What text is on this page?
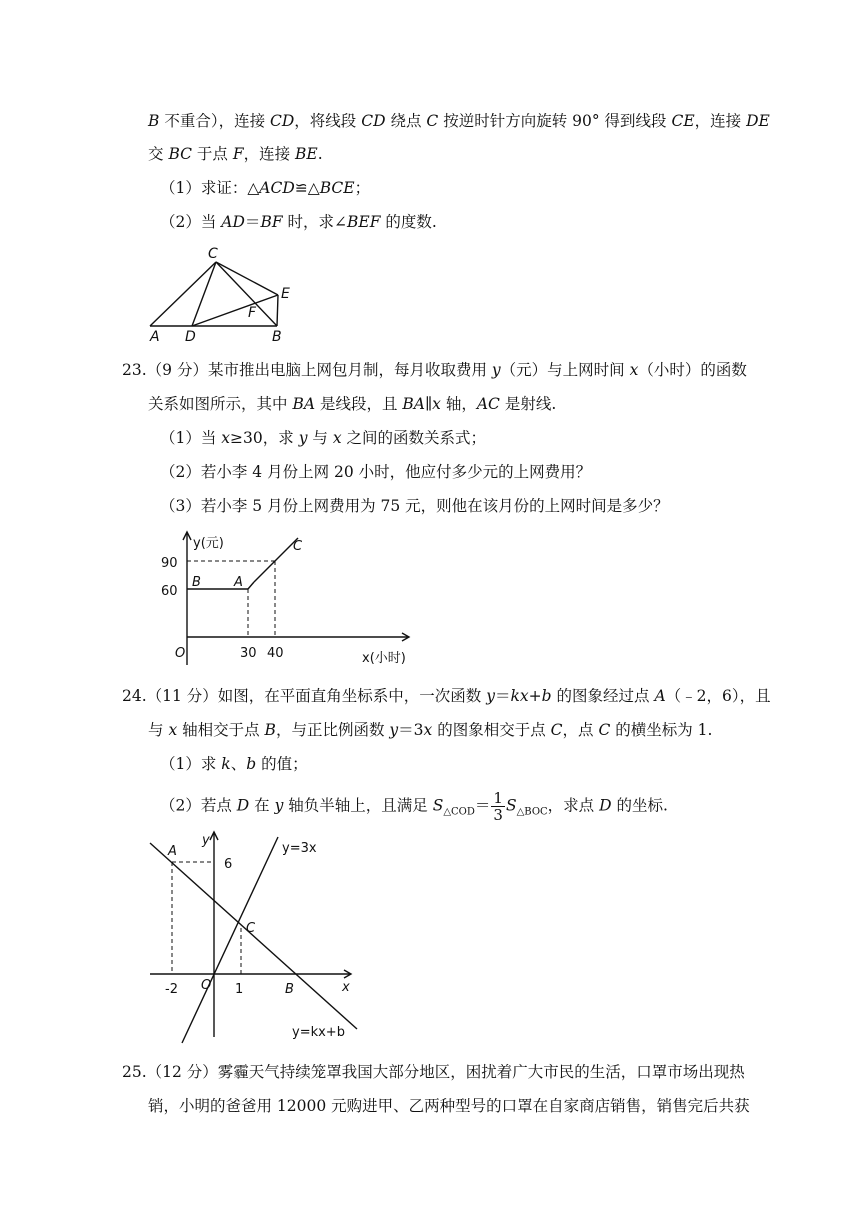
B 不重合），连接 CD，将线段 CD 绕点 C 按逆时针方向旋转 90° 得到线段 CE，连接 DE
交 BC 于点 F，连接 BE.
（1）求证：△ACD≌△BCE；
（2）当 AD＝BF 时，求∠BEF 的度数.
C
A D	B
E
F
23.（9 分）某市推出电脑上网包月制，每月收取费用 y（元）与上网时间 x（小时）的函数
关系如图所示，其中 BA 是线段，且 BA∥x 轴，AC 是射线.
（1）当 x≥30，求 y 与 x 之间的函数关系式；
（2）若小李 4 月份上网 20 小时，他应付多少元的上网费用？
（3）若小李 5 月份上网费用为 75 元，则他在该月份的上网时间是多少？
y(元)
x(小时)
90
60
30 40
O
B	A
C
24.（11 分）如图，在平面直角坐标系中，一次函数 y＝kx+b 的图象经过点 A（﹣2，6），且
与 x 轴相交于点 B，与正比例函数 y＝3x 的图象相交于点 C，点 C 的横坐标为 1.
（1）求 k、b 的值；
（2）若点 D 在 y 轴负半轴上，且满足 $S_{\triangle COD}= \frac{1}{3} S_{\triangle BOC}$，求点 D 的坐标.
A
6
y
y=3x
C
-2 O 1	B	x
y=kx+b
25.（12 分）雾霾天气持续笼罩我国大部分地区，困扰着广大市民的生活，口罩市场出现热
销，小明的爸爸用 12000 元购进甲、乙两种型号的口罩在自家商店销售，销售完后共获
